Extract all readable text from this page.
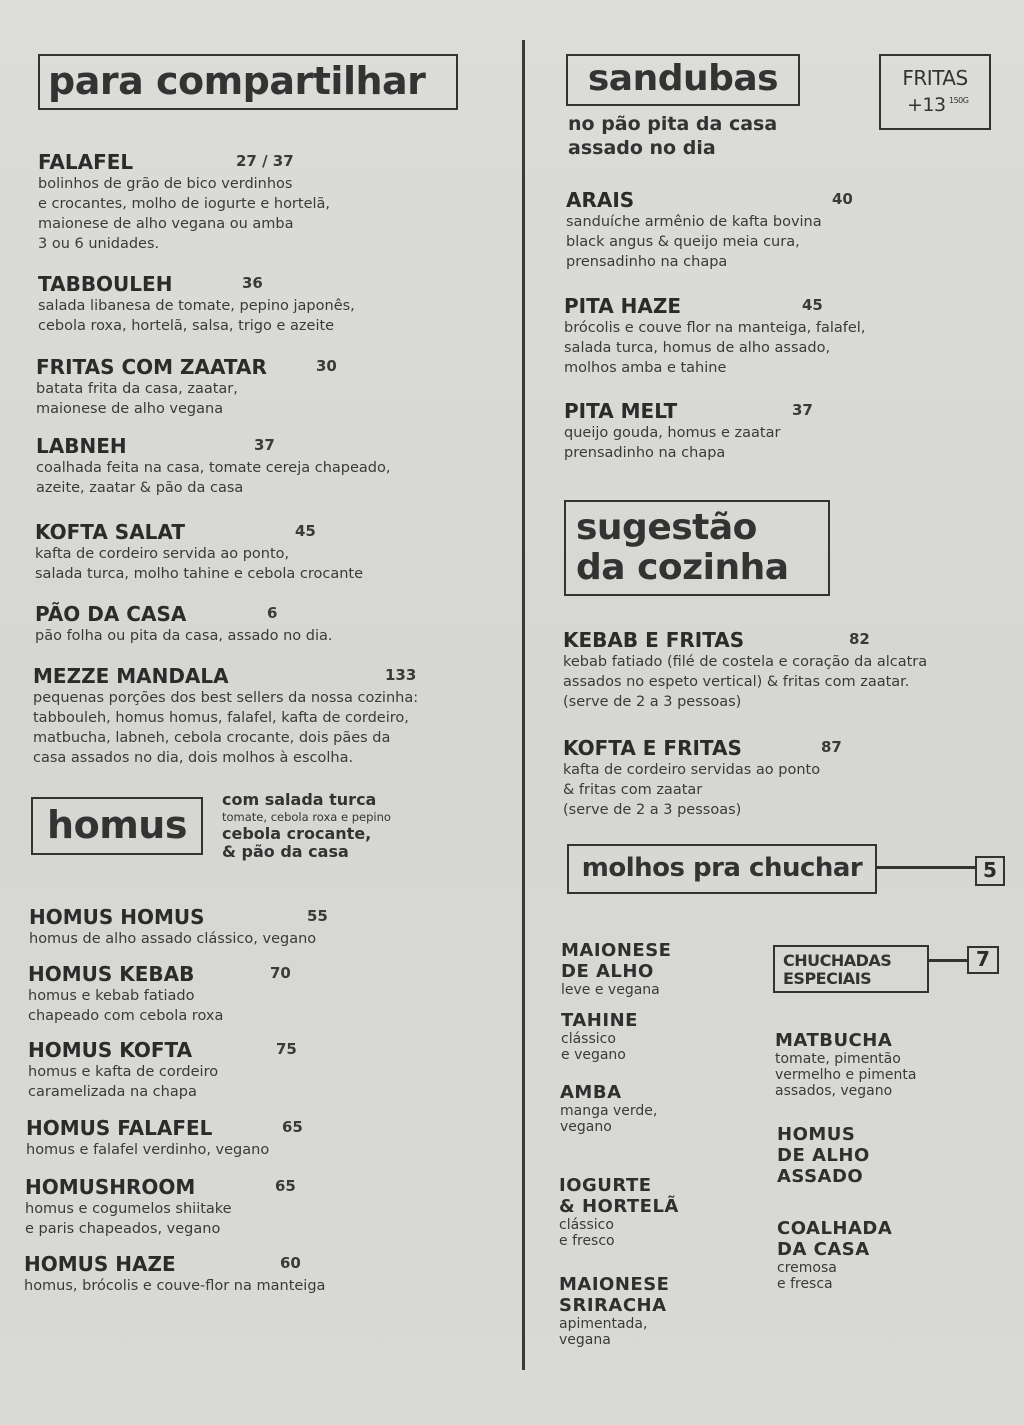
para compartilhar
FALAFEL	27 / 37
bolinhos de grão de bico verdinhos
e crocantes, molho de iogurte e hortelã,
maionese de alho vegana ou amba
3 ou 6 unidades.
TABBOULEH	36
salada libanesa de tomate, pepino japonês,
cebola roxa, hortelã, salsa, trigo e azeite
FRITAS COM ZAATAR	30
batata frita da casa, zaatar,
maionese de alho vegana
LABNEH	37
coalhada feita na casa, tomate cereja chapeado,
azeite, zaatar & pão da casa
KOFTA SALAT	45
kafta de cordeiro servida ao ponto,
salada turca, molho tahine e cebola crocante
PÃO DA CASA	6
pão folha ou pita da casa, assado no dia.
MEZZE MANDALA	133
pequenas porções dos best sellers da nossa cozinha:
tabbouleh, homus homus, falafel, kafta de cordeiro,
matbucha, labneh, cebola crocante, dois pães da
casa assados no dia, dois molhos à escolha.
homus
com salada turca
tomate, cebola roxa e pepino
cebola crocante,
& pão da casa
HOMUS HOMUS	55
homus de alho assado clássico, vegano
HOMUS KEBAB	70
homus e kebab fatiado
chapeado com cebola roxa
HOMUS KOFTA	75
homus e kafta de cordeiro
caramelizada na chapa
HOMUS FALAFEL	65
homus e falafel verdinho, vegano
HOMUSHROOM	65
homus e cogumelos shiitake
e paris chapeados, vegano
HOMUS HAZE	60
homus, brócolis e couve-flor na manteiga
sandubas
no pão pita da casa
assado no dia
FRITAS
+13 150G
ARAIS	40
sanduíche armênio de kafta bovina
black angus & queijo meia cura,
prensadinho na chapa
PITA HAZE	45
brócolis e couve flor na manteiga, falafel,
salada turca, homus de alho assado,
molhos amba e tahine
PITA MELT	37
queijo gouda, homus e zaatar
prensadinho na chapa
sugestão
da cozinha
KEBAB E FRITAS	82
kebab fatiado (filé de costela e coração da alcatra
assados no espeto vertical) & fritas com zaatar.
(serve de 2 a 3 pessoas)
KOFTA E FRITAS	87
kafta de cordeiro servidas ao ponto
& fritas com zaatar
(serve de 2 a 3 pessoas)
molhos pra chuchar	5
CHUCHADAS
ESPECIAIS
7
MAIONESE
DE ALHO
leve e vegana
TAHINE
clássico
e vegano
AMBA
manga verde,
vegano
IOGURTE
& HORTELÃ
clássico
e fresco
MAIONESE
SRIRACHA
apimentada,
vegana
MATBUCHA
tomate, pimentão
vermelho e pimenta
assados, vegano
HOMUS
DE ALHO
ASSADO
COALHADA
DA CASA
cremosa
e fresca
